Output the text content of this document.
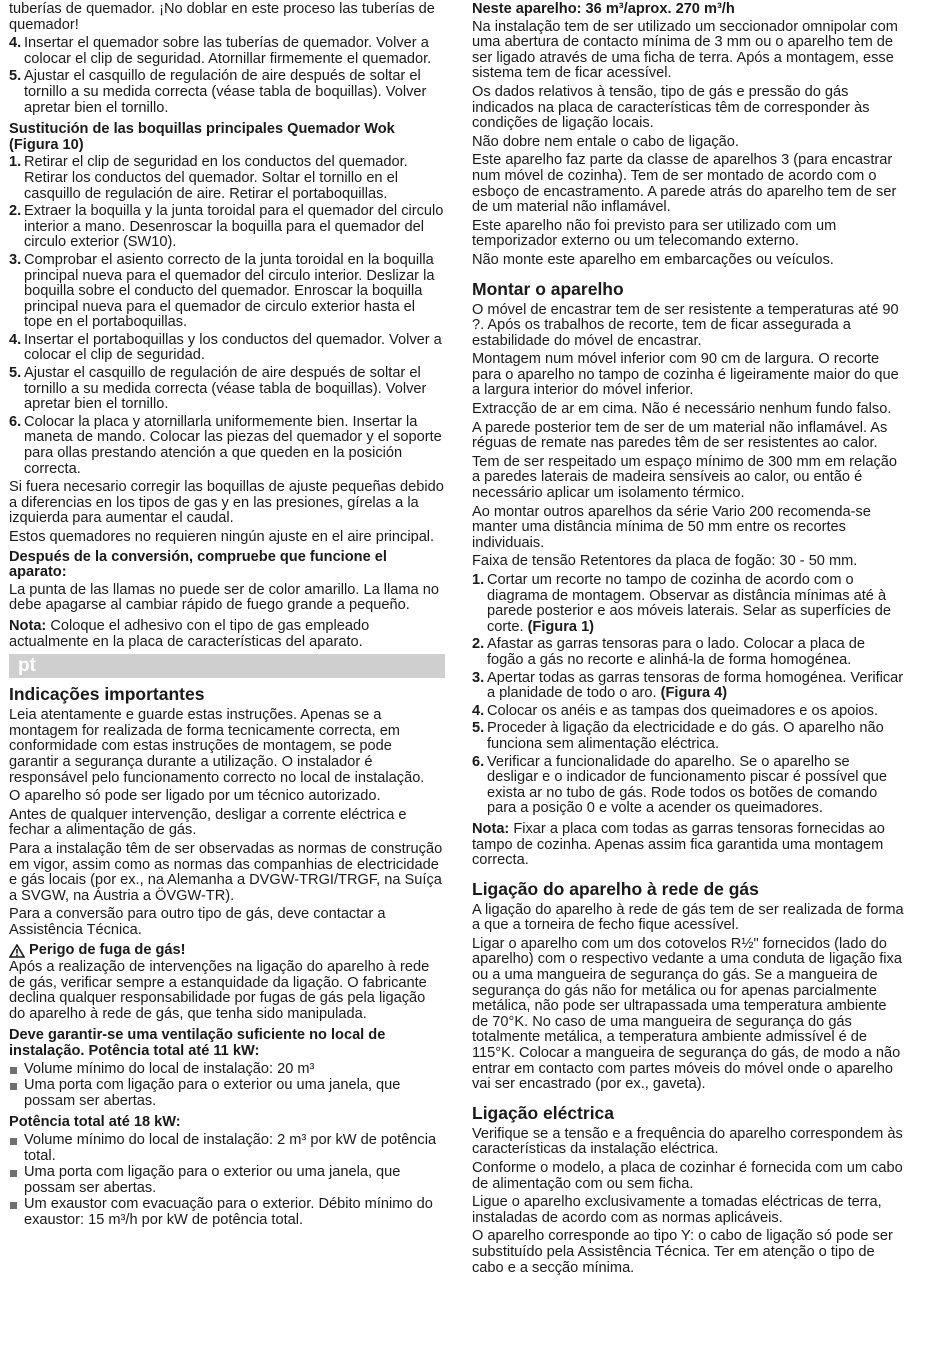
tuberías de quemador. ¡No doblar en este proceso las tuberías de quemador!

4. Insertar el quemador sobre las tuberías de quemador. Volver a colocar el clip de seguridad. Atornillar firmemente el quemador.
5. Ajustar el casquillo de regulación de aire después de soltar el tornillo a su medida correcta (véase tabla de boquillas). Volver apretar bien el tornillo.
Sustitución de las boquillas principales Quemador Wok (Figura 10)
1. Retirar el clip de seguridad en los conductos del quemador. Retirar los conductos del quemador. Soltar el tornillo en el casquillo de regulación de aire. Retirar el portaboquillas.
2. Extraer la boquilla y la junta toroidal para el quemador del circulo interior a mano. Desenroscar la boquilla para el quemador del circulo exterior (SW10).
3. Comprobar el asiento correcto de la junta toroidal en la boquilla principal nueva para el quemador del circulo interior. Deslizar la boquilla sobre el conducto del quemador. Enroscar la boquilla principal nueva para el quemador de circulo exterior hasta el tope en el portaboquillas.
4. Insertar el portaboquillas y los conductos del quemador. Volver a colocar el clip de seguridad.
5. Ajustar el casquillo de regulación de aire después de soltar el tornillo a su medida correcta (véase tabla de boquillas). Volver apretar bien el tornillo.
6. Colocar la placa y atornillarla uniformemente bien. Insertar la maneta de mando. Colocar las piezas del quemador y el soporte para ollas prestando atención a que queden en la posición correcta.

Si fuera necesario corregir las boquillas de ajuste pequeñas debido a diferencias en los tipos de gas y en las presiones, gírelas a la izquierda para aumentar el caudal.

Estos quemadores no requieren ningún ajuste en el aire principal.

Después de la conversión, compruebe que funcione el aparato:

La punta de las llamas no puede ser de color amarillo. La llama no debe apagarse al cambiar rápido de fuego grande a pequeño.

Nota: Coloque el adhesivo con el tipo de gas empleado actualmente en la placa de características del aparato.

pt
Indicações importantes

Leia atentamente e guarde estas instruções. Apenas se a montagem for realizada de forma tecnicamente correcta, em conformidade com estas instruções de montagem, se pode garantir a segurança durante a utilização. O instalador é responsável pelo funcionamento correcto no local de instalação.

O aparelho só pode ser ligado por um técnico autorizado.

Antes de qualquer intervenção, desligar a corrente eléctrica e fechar a alimentação de gás.

Para a instalação têm de ser observadas as normas de construção em vigor, assim como as normas das companhias de electricidade e gás locais (por ex., na Alemanha a DVGW-TRGI/TRGF, na Suíça a SVGW, na Áustria a ÖVGW-TR).

Para a conversão para outro tipo de gás, deve contactar a Assistência Técnica.

Perigo de fuga de gás!

Após a realização de intervenções na ligação do aparelho à rede de gás, verificar sempre a estanquidade da ligação. O fabricante declina qualquer responsabilidade por fugas de gás pela ligação do aparelho à rede de gás, que tenha sido manipulada.

Deve garantir-se uma ventilação suficiente no local de instalação. Potência total até 11 kW:
Volume mínimo do local de instalação: 20 m³
Uma porta com ligação para o exterior ou uma janela, que possam ser abertas.
Potência total até 18 kW:
Volume mínimo do local de instalação: 2 m³ por kW de potência total.
Uma porta com ligação para o exterior ou uma janela, que possam ser abertas.
Um exaustor com evacuação para o exterior. Débito mínimo do exaustor: 15 m³/h por kW de potência total.
Neste aparelho: 36 m³/aprox. 270 m³/h

Na instalação tem de ser utilizado um seccionador omnipolar com uma abertura de contacto mínima de 3 mm ou o aparelho tem de ser ligado através de uma ficha de terra. Após a montagem, esse sistema tem de ficar acessível.

Os dados relativos à tensão, tipo de gás e pressão do gás indicados na placa de características têm de corresponder às condições de ligação locais.

Não dobre nem entale o cabo de ligação.

Este aparelho faz parte da classe de aparelhos 3 (para encastrar num móvel de cozinha). Tem de ser montado de acordo com o esboço de encastramento. A parede atrás do aparelho tem de ser de um material não inflamável.

Este aparelho não foi previsto para ser utilizado com um temporizador externo ou um telecomando externo.

Não monte este aparelho em embarcações ou veículos.

Montar o aparelho

O móvel de encastrar tem de ser resistente a temperaturas até 90 ?. Após os trabalhos de recorte, tem de ficar assegurada a estabilidade do móvel de encastrar.

Montagem num móvel inferior com 90 cm de largura. O recorte para o aparelho no tampo de cozinha é ligeiramente maior do que a largura interior do móvel inferior.

Extracção de ar em cima. Não é necessário nenhum fundo falso.

A parede posterior tem de ser de um material não inflamável. As réguas de remate nas paredes têm de ser resistentes ao calor.

Tem de ser respeitado um espaço mínimo de 300 mm em relação a paredes laterais de madeira sensíveis ao calor, ou então é necessário aplicar um isolamento térmico.

Ao montar outros aparelhos da série Vario 200 recomenda-se manter uma distância mínima de 50 mm entre os recortes individuais.

Faixa de tensão Retentores da placa de fogão: 30 - 50 mm.

1. Cortar um recorte no tampo de cozinha de acordo com o diagrama de montagem. Observar as distância mínimas até à parede posterior e aos móveis laterais. Selar as superfícies de corte. (Figura 1)
2. Afastar as garras tensoras para o lado. Colocar a placa de fogão a gás no recorte e alinhá-la de forma homogénea.
3. Apertar todas as garras tensoras de forma homogénea. Verificar a planidade de todo o aro. (Figura 4)
4. Colocar os anéis e as tampas dos queimadores e os apoios.
5. Proceder à ligação da electricidade e do gás. O aparelho não funciona sem alimentação eléctrica.
6. Verificar a funcionalidade do aparelho. Se o aparelho se desligar e o indicador de funcionamento piscar é possível que exista ar no tubo de gás. Rode todos os botões de comando para a posição 0 e volte a acender os queimadores.

Nota: Fixar a placa com todas as garras tensoras fornecidas ao tampo de cozinha. Apenas assim fica garantida uma montagem correcta.

Ligação do aparelho à rede de gás

A ligação do aparelho à rede de gás tem de ser realizada de forma a que a torneira de fecho fique acessível.

Ligar o aparelho com um dos cotovelos R½" fornecidos (lado do aparelho) com o respectivo vedante a uma conduta de ligação fixa ou a uma mangueira de segurança do gás. Se a mangueira de segurança do gás não for metálica ou for apenas parcialmente metálica, não pode ser ultrapassada uma temperatura ambiente de 70°K. No caso de uma mangueira de segurança do gás totalmente metálica, a temperatura ambiente admissível é de 115°K. Colocar a mangueira de segurança do gás, de modo a não entrar em contacto com partes móveis do móvel onde o aparelho vai ser encastrado (por ex., gaveta).

Ligação eléctrica

Verifique se a tensão e a frequência do aparelho correspondem às características da instalação eléctrica.

Conforme o modelo, a placa de cozinhar é fornecida com um cabo de alimentação com ou sem ficha.

Ligue o aparelho exclusivamente a tomadas eléctricas de terra, instaladas de acordo com as normas aplicáveis.

O aparelho corresponde ao tipo Y: o cabo de ligação só pode ser substituído pela Assistência Técnica. Ter em atenção o tipo de cabo e a secção mínima.
